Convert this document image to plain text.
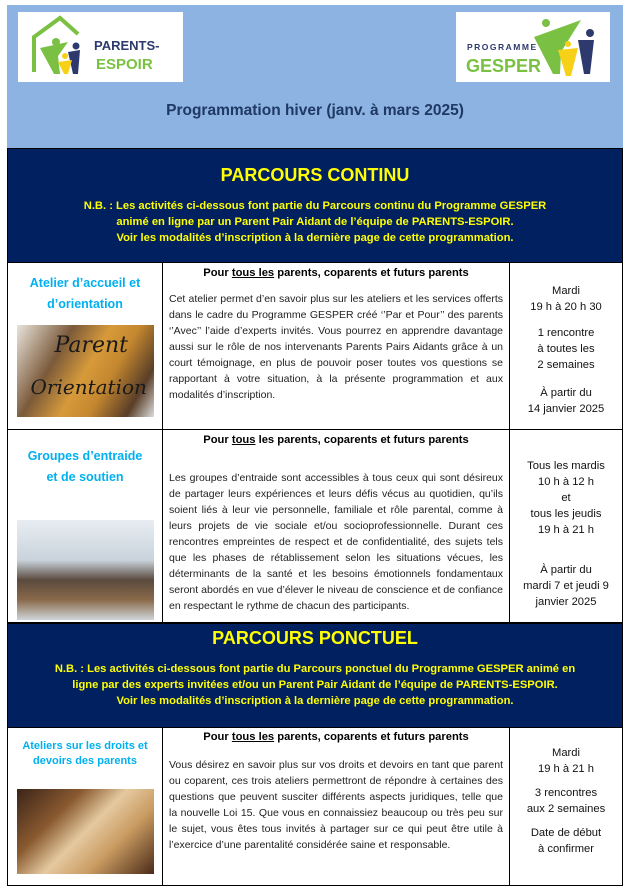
PARENTS-
ESPOIR
PROGRAMME
GESPER
Programmation hiver (janv. à mars 2025)
PARCOURS CONTINU

N.B. : Les activités ci-dessous font partie du Parcours continu du Programme GESPER

animé en ligne par un Parent Pair Aidant de l’équipe de PARENTS-ESPOIR.

Voir les modalités d’inscription à la dernière page de cette programmation.

Atelier d’accueil et d’orientation
Parent
Orientation
Pour tous les parents, coparents et futurs parents

Cet atelier permet d’en savoir plus sur les ateliers et les services offerts dans le cadre du Programme GESPER créé ‘’Par et Pour’’ des parents ‘’Avec’’ l’aide d’experts invités. Vous pourrez en apprendre davantage aussi sur le rôle de nos intervenants Parents Pairs Aidants grâce à un court témoignage, en plus de pouvoir poser toutes vos questions se rapportant à votre situation, à la présente programmation et aux modalités d’inscription.

Mardi
19 h à 20 h 30

1 rencontre
à toutes les
2 semaines

À partir du
14 janvier 2025

Groupes d’entraide et de soutien
Pour tous les parents, coparents et futurs parents

Les groupes d’entraide sont accessibles à tous ceux qui sont désireux de partager leurs expériences et leurs défis vécus au quotidien, qu’ils soient liés à leur vie personnelle, familiale et rôle parental, comme à leurs projets de vie sociale et/ou socioprofessionnelle. Durant ces rencontres empreintes de respect et de confidentialité, des sujets tels que les phases de rétablissement selon les situations vécues, les déterminants de la santé et les besoins émotionnels fondamentaux seront abordés en vue d’élever le niveau de conscience et de confiance en respectant le rythme de chacun des participants.

Tous les mardis
10 h à 12 h
et
tous les jeudis
19 h à 21 h

À partir du
mardi 7 et jeudi 9
janvier 2025

PARCOURS PONCTUEL

N.B. : Les activités ci-dessous font partie du Parcours ponctuel du Programme GESPER animé en

ligne par des experts invitées et/ou un Parent Pair Aidant de l’équipe de PARENTS-ESPOIR.

Voir les modalités d’inscription à la dernière page de cette programmation.

Ateliers sur les droits et devoirs des parents
Pour tous les parents, coparents et futurs parents

Vous désirez en savoir plus sur vos droits et devoirs en tant que parent ou coparent, ces trois ateliers permettront de répondre à certaines des questions que peuvent susciter différents aspects juridiques, telle que la nouvelle Loi 15. Que vous en connaissiez beaucoup ou très peu sur le sujet, vous êtes tous invités à partager sur ce qui peut être utile à l’exercice d’une parentalité considérée saine et responsable.

Mardi
19 h à 21 h

3 rencontres
aux 2 semaines

Date de début
à confirmer
